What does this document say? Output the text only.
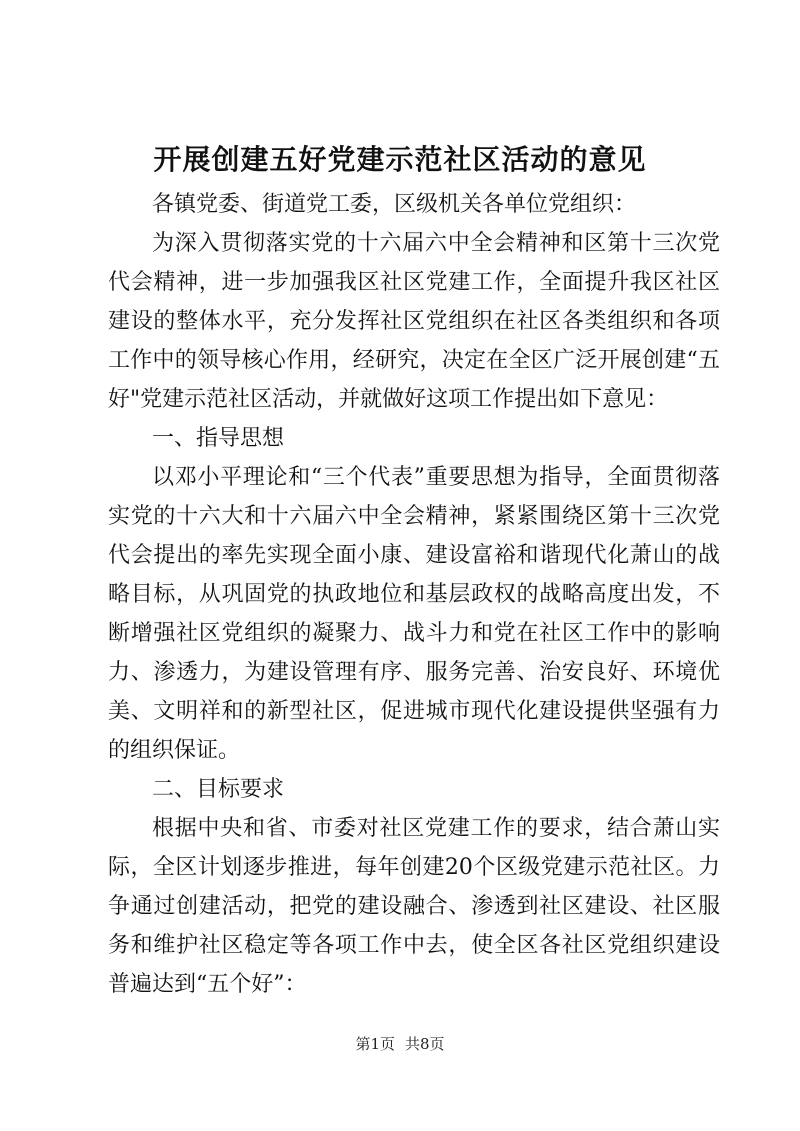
开展创建五好党建示范社区活动的意见

各镇党委、街道党工委，区级机关各单位党组织：

为深入贯彻落实党的十六届六中全会精神和区第十三次党代会精神，进一步加强我区社区党建工作，全面提升我区社区建设的整体水平，充分发挥社区党组织在社区各类组织和各项工作中的领导核心作用，经研究，决定在全区广泛开展创建“五好"党建示范社区活动，并就做好这项工作提出如下意见：

一、指导思想

以邓小平理论和“三个代表”重要思想为指导，全面贯彻落实党的十六大和十六届六中全会精神，紧紧围绕区第十三次党代会提出的率先实现全面小康、建设富裕和谐现代化萧山的战略目标，从巩固党的执政地位和基层政权的战略高度出发，不断增强社区党组织的凝聚力、战斗力和党在社区工作中的影响力、渗透力，为建设管理有序、服务完善、治安良好、环境优美、文明祥和的新型社区，促进城市现代化建设提供坚强有力的组织保证。

二、目标要求

根据中央和省、市委对社区党建工作的要求，结合萧山实际，全区计划逐步推进，每年创建20个区级党建示范社区。力争通过创建活动，把党的建设融合、渗透到社区建设、社区服务和维护社区稳定等各项工作中去，使全区各社区党组织建设普遍达到“五个好”：

第1页 共8页
